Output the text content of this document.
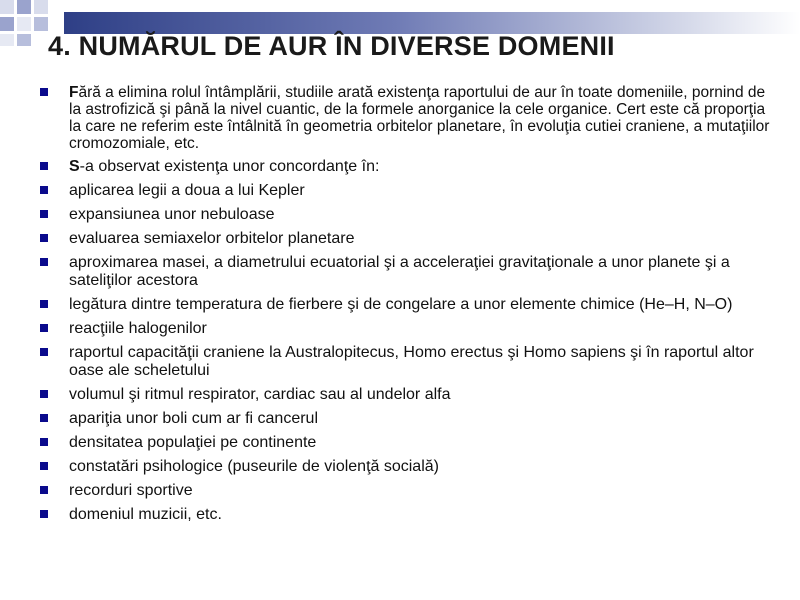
4. NUMĂRUL DE AUR ÎN DIVERSE DOMENII
Fără a elimina rolul întâmplării, studiile arată existenţa raportului de aur în toate domeniile, pornind de la astrofizică şi până la nivel cuantic, de la formele anorganice la cele organice. Cert este că proporţia la care ne referim este întâlnită în geometria orbitelor planetare, în evoluţia cutiei craniene, a mutaţiilor cromozomiale, etc.
S-a observat existenţa unor concordanţe în:
aplicarea legii a doua a lui Kepler
expansiunea unor nebuloase
evaluarea semiaxelor orbitelor planetare
aproximarea masei, a diametrului ecuatorial şi a acceleraţiei gravitaţionale a unor planete şi a sateliţilor acestora
legătura dintre temperatura de fierbere şi de congelare a unor elemente chimice (He–H, N–O)
reacţiile halogenilor
raportul capacităţii craniene la Australopitecus, Homo erectus şi Homo sapiens şi în raportul altor oase ale scheletului
volumul şi ritmul respirator, cardiac sau al undelor alfa
apariţia unor boli cum ar fi cancerul
densitatea populaţiei pe continente
constatări psihologice (puseurile de violenţă socială)
recorduri sportive
domeniul muzicii, etc.
